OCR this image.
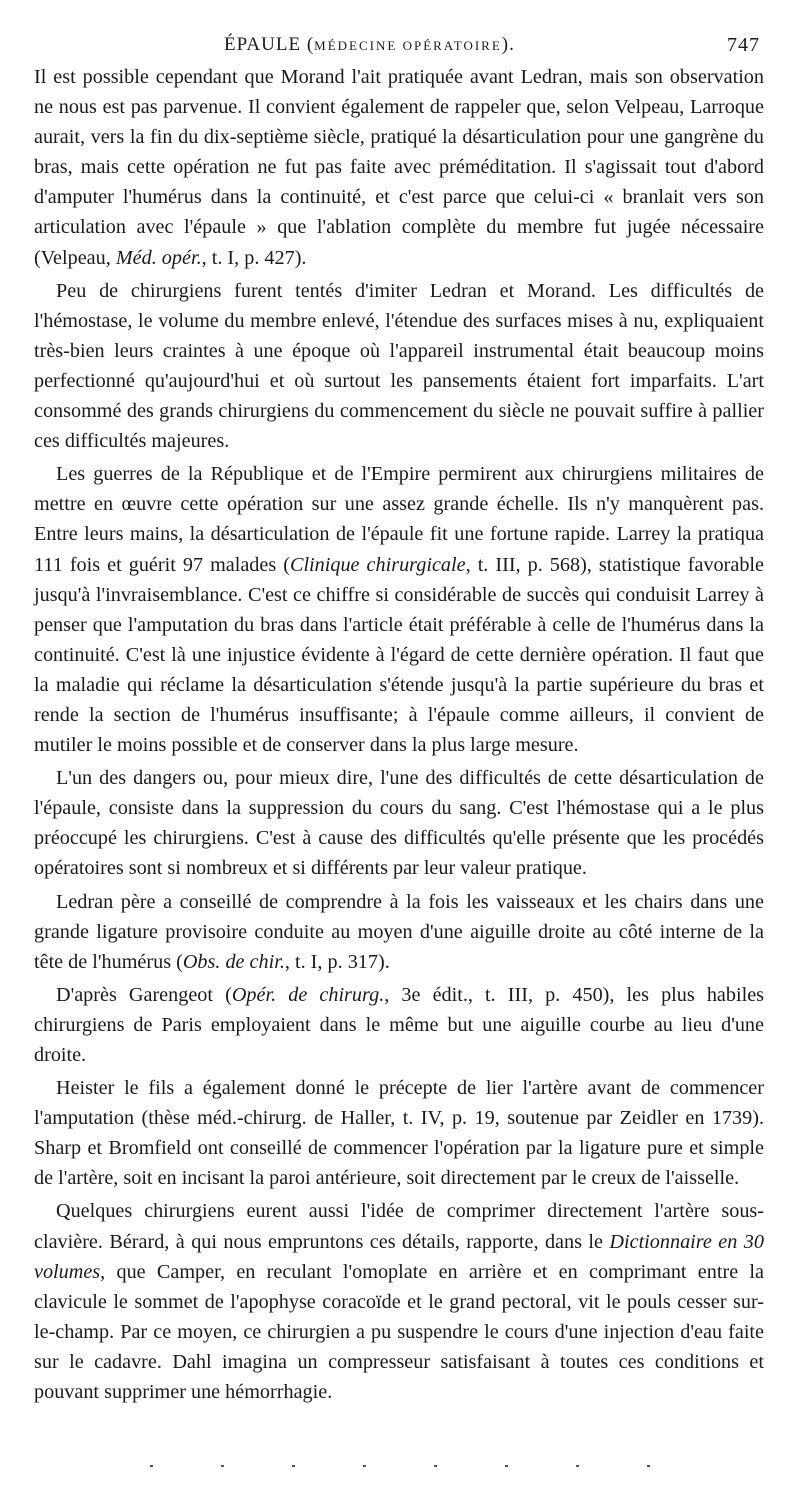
ÉPAULE (MÉDECINE OPÉRATOIRE).	747

Il est possible cependant que Morand l'ait pratiquée avant Ledran, mais son observation ne nous est pas parvenue. Il convient également de rappeler que, selon Velpeau, Larroque aurait, vers la fin du dix-septième siècle, pratiqué la désarticulation pour une gangrène du bras, mais cette opération ne fut pas faite avec préméditation. Il s'agissait tout d'abord d'amputer l'humérus dans la continuité, et c'est parce que celui-ci « branlait vers son articulation avec l'épaule » que l'ablation complète du membre fut jugée nécessaire (Velpeau, Méd. opér., t. I, p. 427).

Peu de chirurgiens furent tentés d'imiter Ledran et Morand. Les difficultés de l'hémostase, le volume du membre enlevé, l'étendue des surfaces mises à nu, expliquaient très-bien leurs craintes à une époque où l'appareil instrumental était beaucoup moins perfectionné qu'aujourd'hui et où surtout les pansements étaient fort imparfaits. L'art consommé des grands chirurgiens du commencement du siècle ne pouvait suffire à pallier ces difficultés majeures.

Les guerres de la République et de l'Empire permirent aux chirurgiens militaires de mettre en œuvre cette opération sur une assez grande échelle. Ils n'y manquèrent pas. Entre leurs mains, la désarticulation de l'épaule fit une fortune rapide. Larrey la pratiqua 111 fois et guérit 97 malades (Clinique chirurgicale, t. III, p. 568), statistique favorable jusqu'à l'invraisemblance. C'est ce chiffre si considérable de succès qui conduisit Larrey à penser que l'amputation du bras dans l'article était préférable à celle de l'humérus dans la continuité. C'est là une injustice évidente à l'égard de cette dernière opération. Il faut que la maladie qui réclame la désarticulation s'étende jusqu'à la partie supérieure du bras et rende la section de l'humérus insuffisante; à l'épaule comme ailleurs, il convient de mutiler le moins possible et de conserver dans la plus large mesure.

L'un des dangers ou, pour mieux dire, l'une des difficultés de cette désarticulation de l'épaule, consiste dans la suppression du cours du sang. C'est l'hémostase qui a le plus préoccupé les chirurgiens. C'est à cause des difficultés qu'elle présente que les procédés opératoires sont si nombreux et si différents par leur valeur pratique.

Ledran père a conseillé de comprendre à la fois les vaisseaux et les chairs dans une grande ligature provisoire conduite au moyen d'une aiguille droite au côté interne de la tête de l'humérus (Obs. de chir., t. I, p. 317).

D'après Garengeot (Opér. de chirurg., 3e édit., t. III, p. 450), les plus habiles chirurgiens de Paris employaient dans le même but une aiguille courbe au lieu d'une droite.

Heister le fils a également donné le précepte de lier l'artère avant de commencer l'amputation (thèse méd.-chirurg. de Haller, t. IV, p. 19, soutenue par Zeidler en 1739). Sharp et Bromfield ont conseillé de commencer l'opération par la ligature pure et simple de l'artère, soit en incisant la paroi antérieure, soit directement par le creux de l'aisselle.

Quelques chirurgiens eurent aussi l'idée de comprimer directement l'artère sous-clavière. Bérard, à qui nous empruntons ces détails, rapporte, dans le Dictionnaire en 30 volumes, que Camper, en reculant l'omoplate en arrière et en comprimant entre la clavicule le sommet de l'apophyse coracoïde et le grand pectoral, vit le pouls cesser sur-le-champ. Par ce moyen, ce chirurgien a pu suspendre le cours d'une injection d'eau faite sur le cadavre. Dahl imagina un compresseur satisfaisant à toutes ces conditions et pouvant supprimer une hémorrhagie.
